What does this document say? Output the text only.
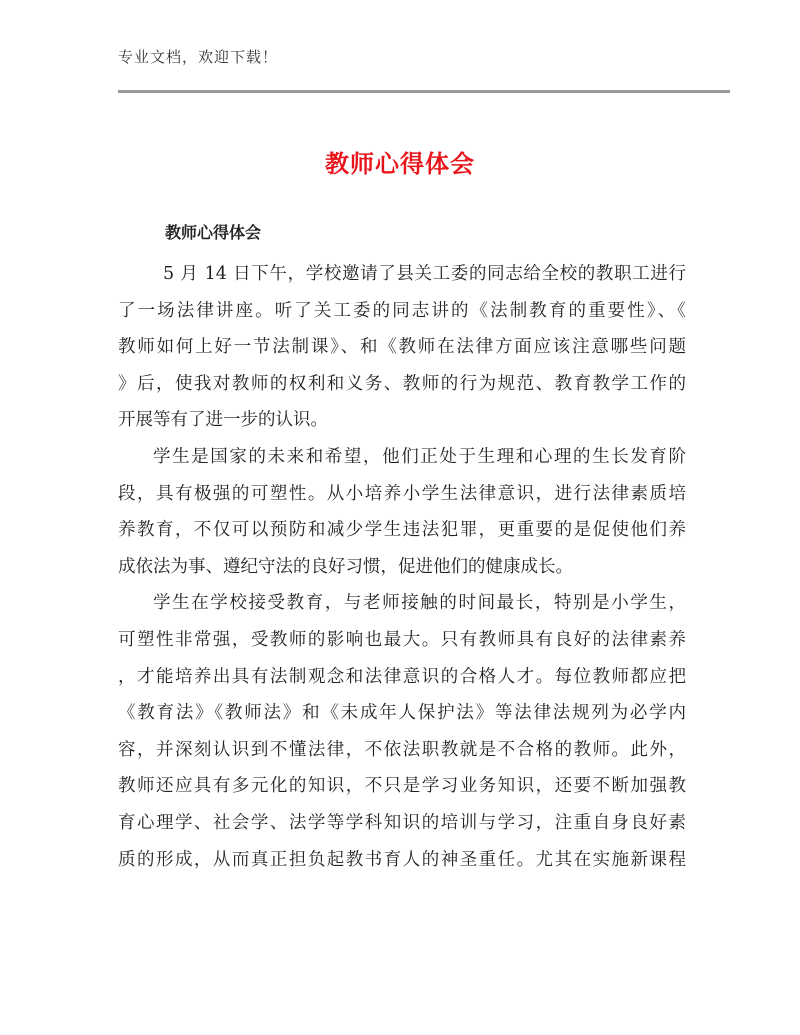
专业文档，欢迎下载！
教师心得体会
教师心得体会
5 月 14 日下午，学校邀请了县关工委的同志给全校的教职工进行
了一场法律讲座。听了关工委的同志讲的《法制教育的重要性》、《
教师如何上好一节法制课》、和《教师在法律方面应该注意哪些问题
》后，使我对教师的权利和义务、教师的行为规范、教育教学工作的
开展等有了进一步的认识。
学生是国家的未来和希望，他们正处于生理和心理的生长发育阶
段，具有极强的可塑性。从小培养小学生法律意识，进行法律素质培
养教育，不仅可以预防和减少学生违法犯罪，更重要的是促使他们养
成依法为事、遵纪守法的良好习惯，促进他们的健康成长。
学生在学校接受教育，与老师接触的时间最长，特别是小学生，
可塑性非常强，受教师的影响也最大。只有教师具有良好的法律素养
，才能培养出具有法制观念和法律意识的合格人才。每位教师都应把
《教育法》《教师法》和《未成年人保护法》等法律法规列为必学内
容，并深刻认识到不懂法律，不依法职教就是不合格的教师。此外，
教师还应具有多元化的知识，不只是学习业务知识，还要不断加强教
育心理学、社会学、法学等学科知识的培训与学习，注重自身良好素
质的形成，从而真正担负起教书育人的神圣重任。尤其在实施新课程
